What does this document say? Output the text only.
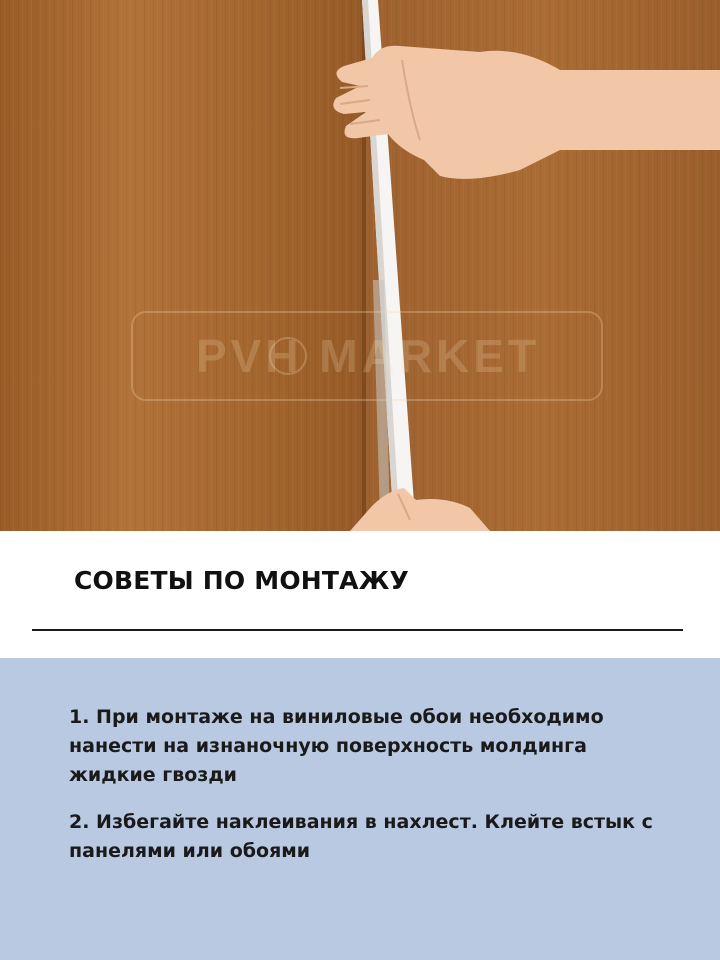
PVH MARKET
СОВЕТЫ ПО МОНТАЖУ

1. При монтаже на виниловые обои необходимо нанести на изнаночную поверхность молдинга жидкие гвозди

2. Избегайте наклеивания в нахлест. Клейте встык с панелями или обоями
